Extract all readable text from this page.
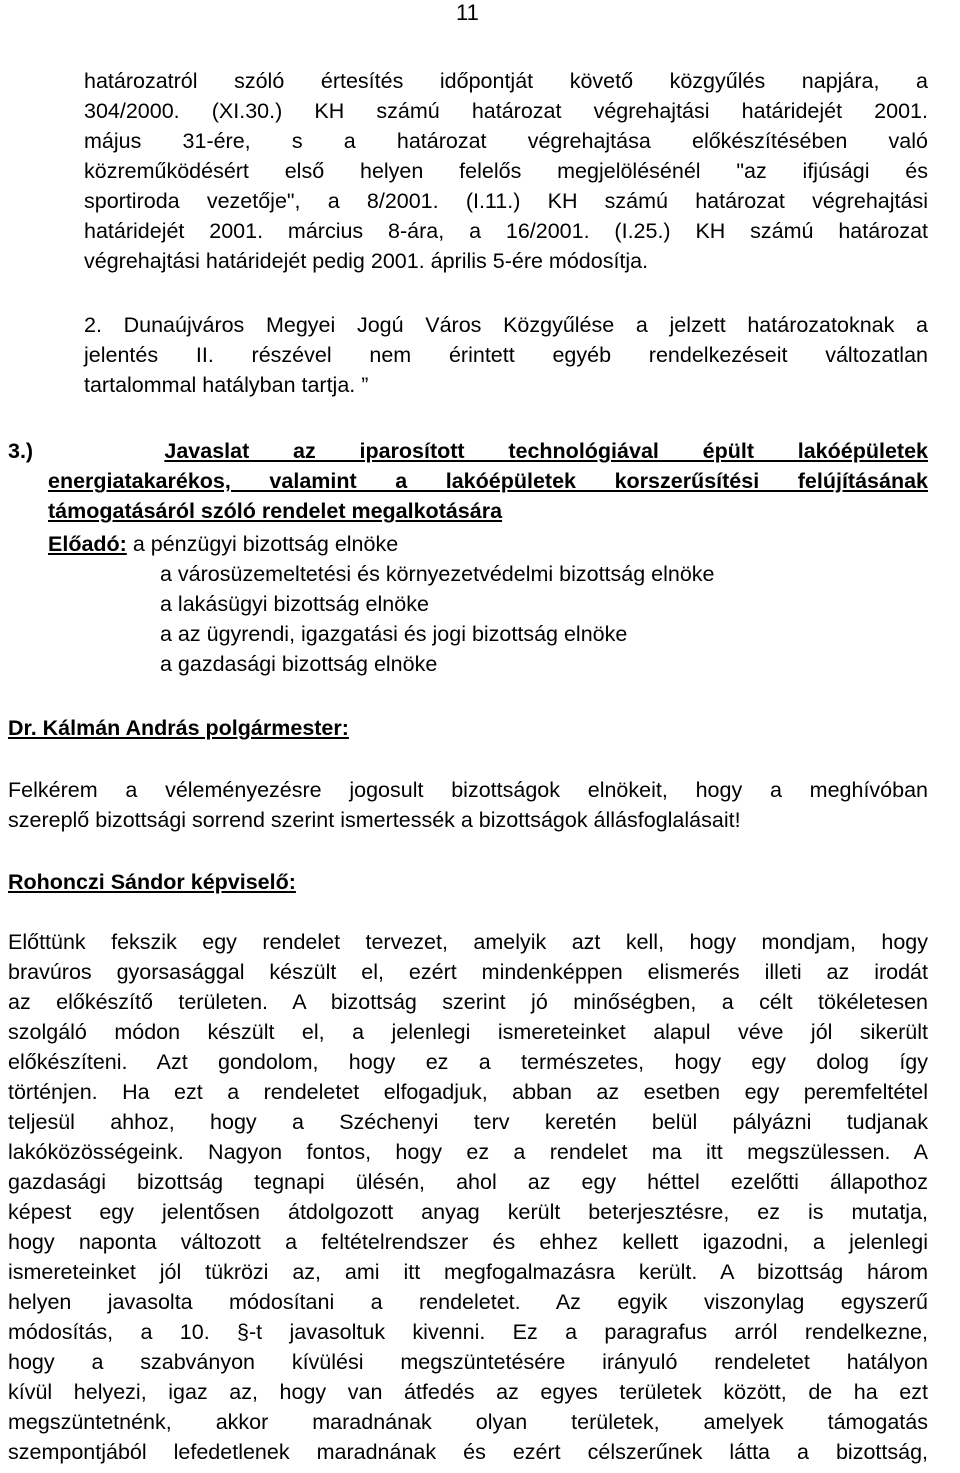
11
határozatról szóló értesítés időpontját követő közgyűlés napjára, a
304/2000. (XI.30.) KH számú határozat végrehajtási határidejét 2001.
május 31-ére, s a határozat végrehajtása előkészítésében való
közreműködésért első helyen felelős megjelölésénél "az ifjúsági és
sportiroda vezetője", a 8/2001. (I.11.) KH számú határozat végrehajtási
határidejét 2001. március 8-ára, a 16/2001. (I.25.) KH számú határozat
végrehajtási határidejét pedig 2001. április 5-ére módosítja.
2. Dunaújváros Megyei Jogú Város Közgyűlése a jelzett határozatoknak a
jelentés II. részével nem érintett egyéb rendelkezéseit változatlan
tartalommal hatályban tartja. ”
3.)	Javaslat az iparosított technológiával épült lakóépületek
energiatakarékos, valamint a lakóépületek korszerűsítési felújításának
támogatásáról szóló rendelet megalkotására
Előadó: a pénzügyi bizottság elnöke
a városüzemeltetési és környezetvédelmi bizottság elnöke
a lakásügyi bizottság elnöke
a az ügyrendi, igazgatási és jogi bizottság elnöke
a gazdasági bizottság elnöke
Dr. Kálmán András polgármester:
Felkérem a véleményezésre jogosult bizottságok elnökeit, hogy a meghívóban
szereplő bizottsági sorrend szerint ismertessék a bizottságok állásfoglalásait!
Rohonczi Sándor képviselő:
Előttünk fekszik egy rendelet tervezet, amelyik azt kell, hogy mondjam, hogy
bravúros gyorsasággal készült el, ezért mindenképpen elismerés illeti az irodát
az előkészítő területen. A bizottság szerint jó minőségben, a célt tökéletesen
szolgáló módon készült el, a jelenlegi ismereteinket alapul véve jól sikerült
előkészíteni. Azt gondolom, hogy ez a természetes, hogy egy dolog így
történjen. Ha ezt a rendeletet elfogadjuk, abban az esetben egy peremfeltétel
teljesül ahhoz, hogy a Széchenyi terv keretén belül pályázni tudjanak
lakóközösségeink. Nagyon fontos, hogy ez a rendelet ma itt megszülessen. A
gazdasági bizottság tegnapi ülésén, ahol az egy héttel ezelőtti állapothoz
képest egy jelentősen átdolgozott anyag került beterjesztésre, ez is mutatja,
hogy naponta változott a feltételrendszer és ehhez kellett igazodni, a jelenlegi
ismereteinket jól tükrözi az, ami itt megfogalmazásra került. A bizottság három
helyen javasolta módosítani a rendeletet. Az egyik viszonylag egyszerű
módosítás, a 10. §-t javasoltuk kivenni. Ez a paragrafus arról rendelkezne,
hogy a szabványon kívülési megszüntetésére irányuló rendeletet hatályon
kívül helyezi, igaz az, hogy van átfedés az egyes területek között, de ha ezt
megszüntetnénk, akkor maradnának olyan területek, amelyek támogatás
szempontjából lefedetlenek maradnának és ezért célszerűnek látta a bizottság,
